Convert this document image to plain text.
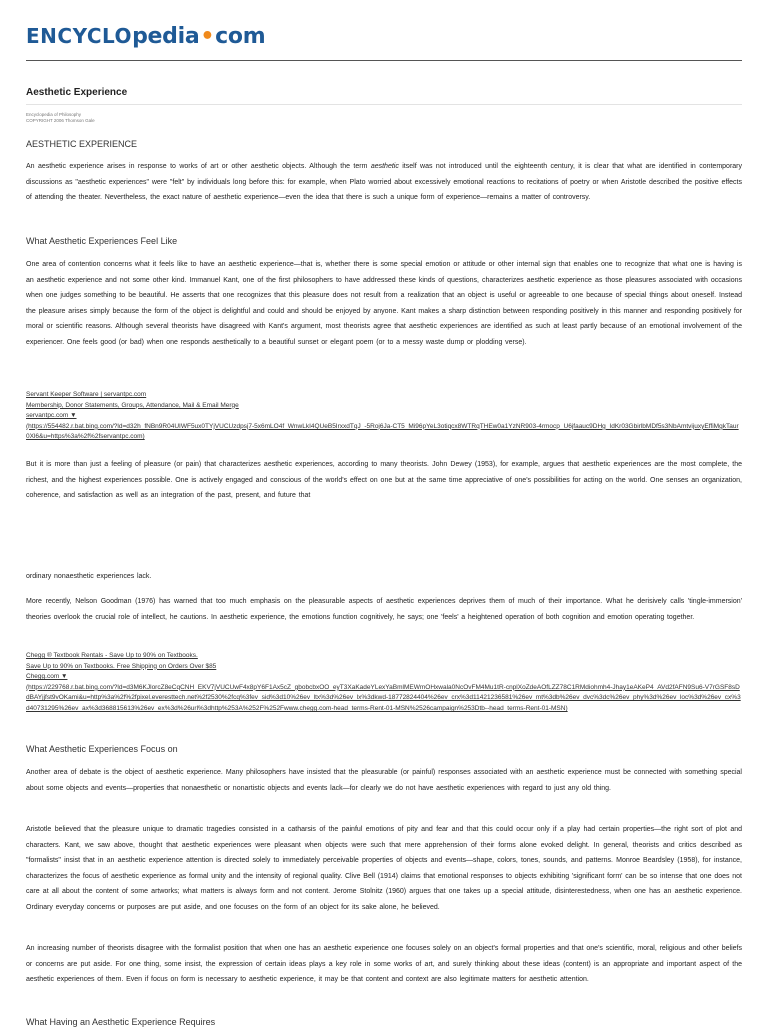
ENCYCLOpedia•com
Aesthetic Experience
Encyclopedia of Philosophy
COPYRIGHT 2006 Thomson Gale
AESTHETIC EXPERIENCE
An aesthetic experience arises in response to works of art or other aesthetic objects. Although the term aesthetic itself was not introduced until the eighteenth century, it is clear that what are identified in contemporary discussions as "aesthetic experiences" were "felt" by individuals long before this: for example, when Plato worried about excessively emotional reactions to recitations of poetry or when Aristotle described the positive effects of attending the theater. Nevertheless, the exact nature of aesthetic experience—even the idea that there is such a unique form of experience—remains a matter of controversy.
What Aesthetic Experiences Feel Like
One area of contention concerns what it feels like to have an aesthetic experience—that is, whether there is some special emotion or attitude or other internal sign that enables one to recognize that what one is having is an aesthetic experience and not some other kind. Immanuel Kant, one of the first philosophers to have addressed these kinds of questions, characterizes aesthetic experience as those pleasures associated with occasions when one judges something to be beautiful. He asserts that one recognizes that this pleasure does not result from a realization that an object is useful or agreeable to one because of special things about oneself. Instead the pleasure arises simply because the form of the object is delightful and could and should be enjoyed by anyone. Kant makes a sharp distinction between responding positively in this manner and responding positively for moral or scientific reasons. Although several theorists have disagreed with Kant's argument, most theorists agree that aesthetic experiences are identified as such at least partly because of an emotional involvement of the experiencer. One feels good (or bad) when one responds aesthetically to a beautiful sunset or elegant poem (or to a messy waste dump or plodding verse).
Servant Keeper Software | servantpc.com
Membership, Donor Statements, Groups, Attendance, Mail & Email Merge
servantpc.com ▼
(https://554482.r.bat.bing.com/?ld=d32h_fNBn9R04UIWF5ux0TYjVUCUzdpsj7-5x6mLO4f_WnwLkI4QUeB5IrxxdTqJ_-5Roj6Ja-CT5_Mi96pYeL3otiqcx8WTRqTHEw0a1YzNR903-4rmocp_U6jfaauc9DHg_IdKr03GbirlbMDf5s3NbAmtvijuxyEffiMgkTaur0Xl6&u=https%3a%2f%2fservantpc.com)
But it is more than just a feeling of pleasure (or pain) that characterizes aesthetic experiences, according to many theorists. John Dewey (1953), for example, argues that aesthetic experiences are the most complete, the richest, and the highest experiences possible. One is actively engaged and conscious of the world's effect on one but at the same time appreciative of one's possibilities for acting on the world. One senses an organization, coherence, and satisfaction as well as an integration of the past, present, and future that
ordinary nonaesthetic experiences lack.
More recently, Nelson Goodman (1976) has warned that too much emphasis on the pleasurable aspects of aesthetic experiences deprives them of much of their importance. What he derisively calls 'tingle-immersion' theories overlook the crucial role of intellect, he cautions. In aesthetic experience, the emotions function cognitively, he says; one 'feels' a heightened operation of both cognition and emotion operating together.
Chegg ® Textbook Rentals - Save Up to 90% on Textbooks.
Save Up to 90% on Textbooks. Free Shipping on Orders Over $85
Chegg.com ▼
(https://229768.r.bat.bing.com/?ld=d3M6KJlorcZ8eCqCNH_EKV7jVUCUwF4x8pY6F1Ax5cZ_gbobcbxOO_eyT3XaKadeYLexYaBmlMEWmOHxwala0NcOvFM4Mu1tR-cnplXoZdeAOfLZZ78C1RMdiohmh4-Jhay1eAKeP4_AVd2fAFN9Su6-V7rGSF8sDdBAYjjfst9vOKami&u=http%3a%2f%2fpixel.everesttech.net%2f2530%2fcq%3fev_sid%3d10%26ev_ltx%3d%26ev_lx%3dkwd-18772824404%26ev_crx%3d11421236581%26ev_mt%3db%26ev_dvc%3dc%26ev_phy%3d%26ev_loc%3d%26ev_cx%3d40731295%26ev_ax%3d368815613%26ev_ex%3d%26url%3dhttp%253A%252F%252Fwww.chegg.com-head_terms-Rent-01-MSN%2526campaign%253Dtb--head_terms-Rent-01-MSN)
What Aesthetic Experiences Focus on
Another area of debate is the object of aesthetic experience. Many philosophers have insisted that the pleasurable (or painful) responses associated with an aesthetic experience must be connected with something special about some objects and events—properties that nonaesthetic or nonartistic objects and events lack—for clearly we do not have aesthetic experiences with regard to just any old thing.
Aristotle believed that the pleasure unique to dramatic tragedies consisted in a catharsis of the painful emotions of pity and fear and that this could occur only if a play had certain properties—the right sort of plot and characters. Kant, we saw above, thought that aesthetic experiences were pleasant when objects were such that mere apprehension of their forms alone evoked delight. In general, theorists and critics described as "formalists" insist that in an aesthetic experience attention is directed solely to immediately perceivable properties of objects and events—shape, colors, tones, sounds, and patterns. Monroe Beardsley (1958), for instance, characterizes the focus of aesthetic experience as formal unity and the intensity of regional quality. Clive Bell (1914) claims that emotional responses to objects exhibiting 'significant form' can be so intense that one does not care at all about the content of some artworks; what matters is always form and not content. Jerome Stolnitz (1960) argues that one takes up a special attitude, disinterestedness, when one has an aesthetic experience. Ordinary everyday concerns or purposes are put aside, and one focuses on the form of an object for its sake alone, he believed.
An increasing number of theorists disagree with the formalist position that when one has an aesthetic experience one focuses solely on an object's formal properties and that one's scientific, moral, religious and other beliefs or concerns are put aside. For one thing, some insist, the expression of certain ideas plays a key role in some works of art, and surely thinking about these ideas (content) is an appropriate and important aspect of the aesthetic experiences of them. Even if focus on form is necessary to aesthetic experience, it may be that content and context are also legitimate matters for aesthetic attention.
What Having an Aesthetic Experience Requires
